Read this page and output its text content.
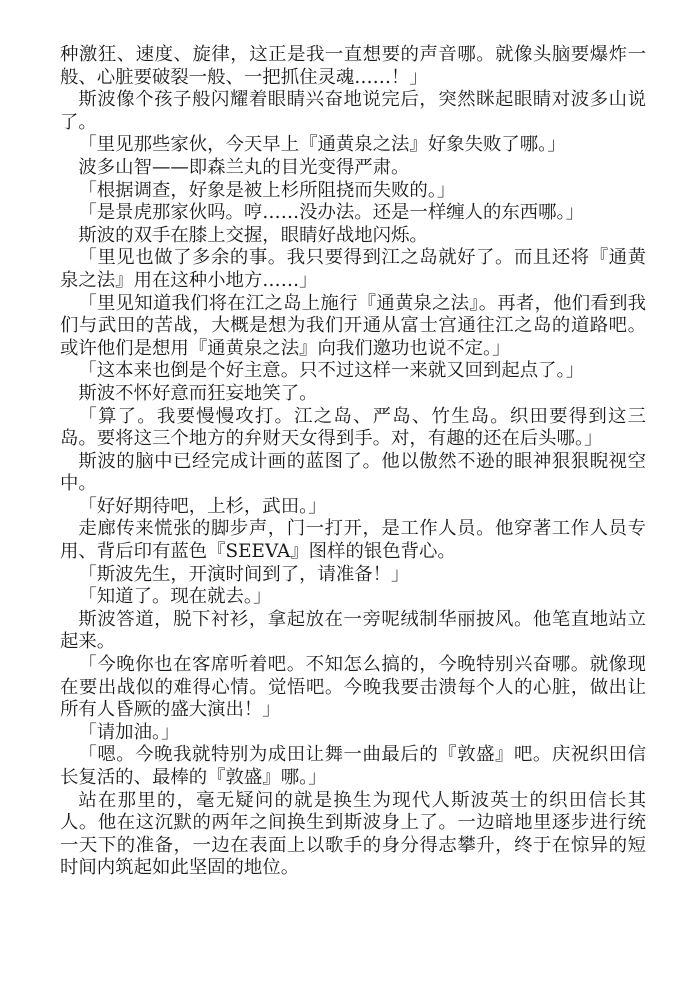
种激狂、速度、旋律，这正是我一直想要的声音哪。就像头脑要爆炸一般、心脏要破裂一般、一把抓住灵魂……！」

斯波像个孩子般闪耀着眼睛兴奋地说完后，突然眯起眼睛对波多山说了。

「里见那些家伙，今天早上『通黄泉之法』好象失败了哪。」

波多山智——即森兰丸的目光变得严肃。

「根据调查，好象是被上杉所阻挠而失败的。」

「是景虎那家伙吗。哼……没办法。还是一样缠人的东西哪。」

斯波的双手在膝上交握，眼睛好战地闪烁。

「里见也做了多余的事。我只要得到江之岛就好了。而且还将『通黄泉之法』用在这种小地方……」

「里见知道我们将在江之岛上施行『通黄泉之法』。再者，他们看到我们与武田的苦战，大概是想为我们开通从富士宫通往江之岛的道路吧。或许他们是想用『通黄泉之法』向我们邀功也说不定。」

「这本来也倒是个好主意。只不过这样一来就又回到起点了。」

斯波不怀好意而狂妄地笑了。

「算了。我要慢慢攻打。江之岛、严岛、竹生岛。织田要得到这三岛。要将这三个地方的弁财天女得到手。对，有趣的还在后头哪。」

斯波的脑中已经完成计画的蓝图了。他以傲然不逊的眼神狠狠睨视空中。

「好好期待吧，上杉，武田。」

走廊传来慌张的脚步声，门一打开，是工作人员。他穿著工作人员专用、背后印有蓝色『SEEVA』图样的银色背心。

「斯波先生，开演时间到了，请准备！」

「知道了。现在就去。」

斯波答道，脱下衬衫，拿起放在一旁呢绒制华丽披风。他笔直地站立起来。

「今晚你也在客席听着吧。不知怎么搞的，今晚特别兴奋哪。就像现在要出战似的难得心情。觉悟吧。今晚我要击溃每个人的心脏，做出让所有人昏厥的盛大演出！」

「请加油。」

「嗯。今晚我就特别为成田让舞一曲最后的『敦盛』吧。庆祝织田信长复活的、最棒的『敦盛』哪。」

站在那里的，毫无疑问的就是换生为现代人斯波英士的织田信长其人。他在这沉默的两年之间换生到斯波身上了。一边暗地里逐步进行统一天下的准备，一边在表面上以歌手的身分得志攀升，终于在惊异的短时间内筑起如此坚固的地位。
